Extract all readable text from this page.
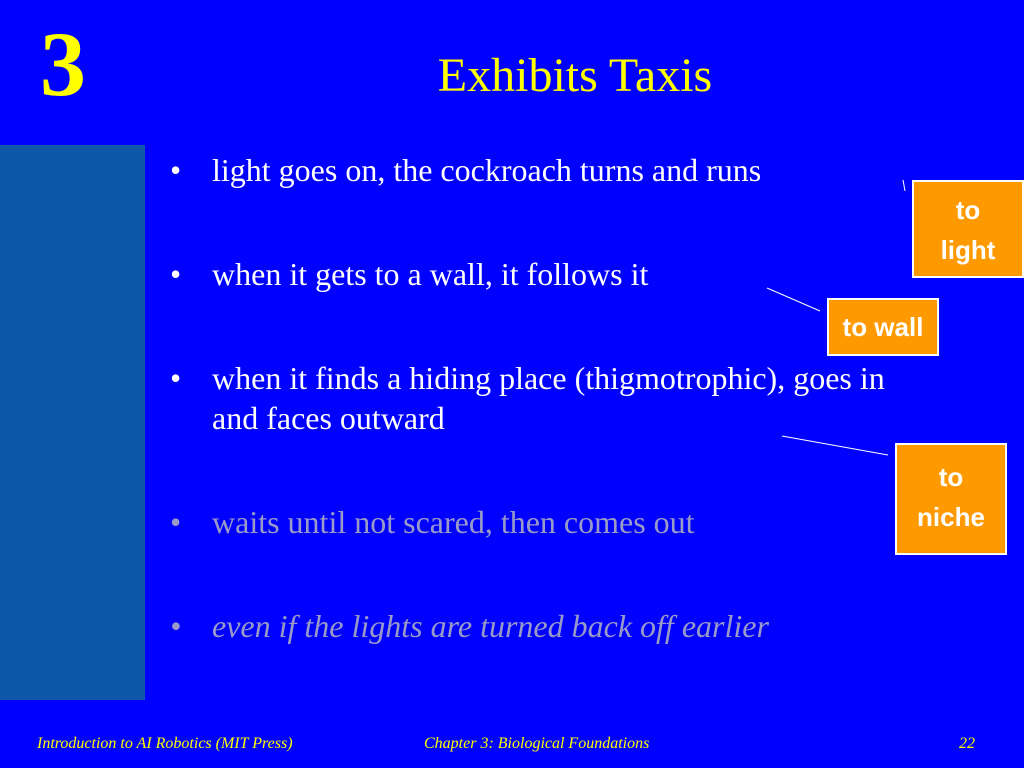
3	Exhibits Taxis
• light goes on, the cockroach turns and runs
• when it gets to a wall, it follows it
• when it finds a hiding place (thigmotrophic), goes in and faces outward
• waits until not scared, then comes out
• even if the lights are turned back off earlier
to
light
to wall
to
niche
Introduction to AI Robotics (MIT Press)	Chapter 3: Biological Foundations	22
